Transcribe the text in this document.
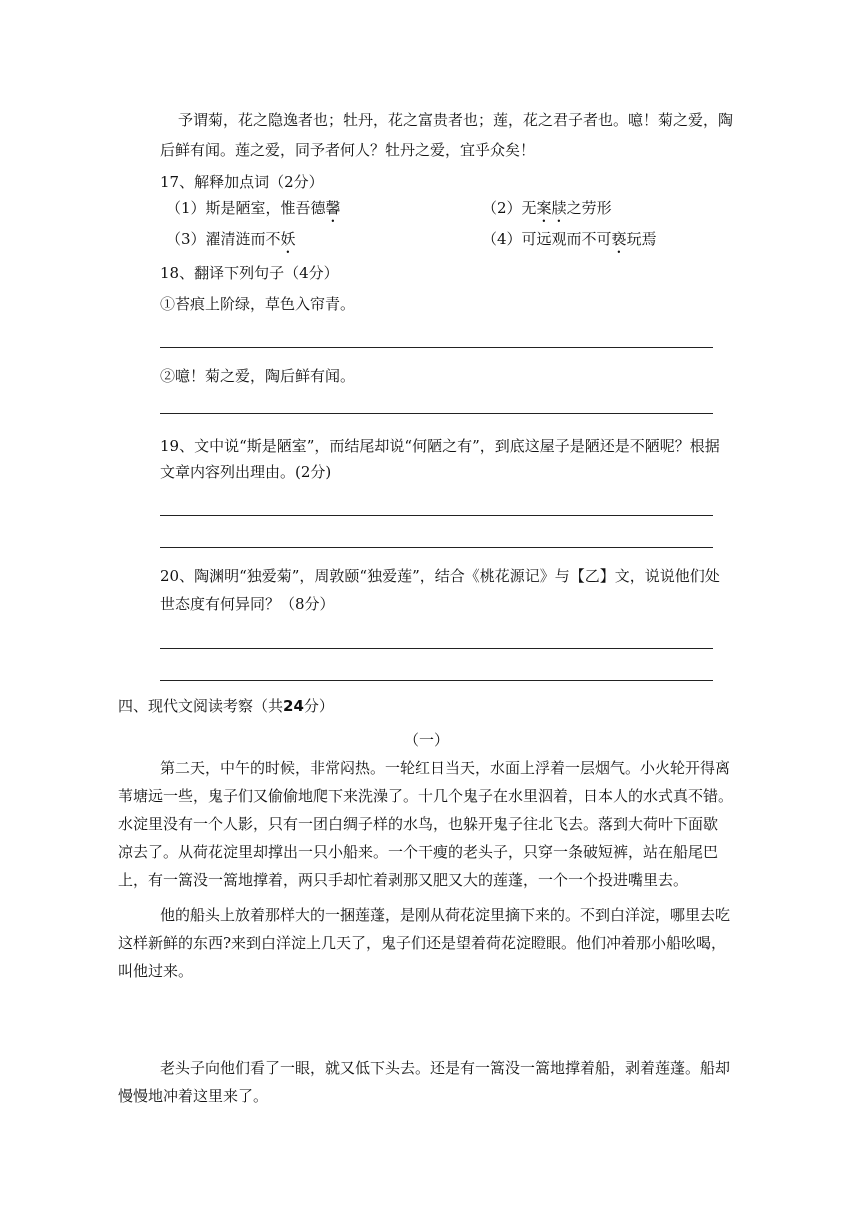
予谓菊，花之隐逸者也；牡丹，花之富贵者也；莲，花之君子者也。噫！菊之爱，陶
后鲜有闻。莲之爱，同予者何人？牡丹之爱，宜乎众矣！
17、解释加点词（2分）
（1）斯是陋室，惟吾德馨	（2）无案牍之劳形
（3）濯清涟而不妖	（4）可远观而不可亵玩焉
18、翻译下列句子（4分）
①苔痕上阶绿，草色入帘青。
②噫！菊之爱，陶后鲜有闻。
19、文中说“斯是陋室”，而结尾却说“何陋之有”，到底这屋子是陋还是不陋呢？根据
文章内容列出理由。(2分)
20、陶渊明“独爱菊”，周敦颐“独爱莲”，结合《桃花源记》与【乙】文，说说他们处
世态度有何异同？（8分）
四、现代文阅读考察（共24分）
（一）
第二天，中午的时候，非常闷热。一轮红日当天，水面上浮着一层烟气。小火轮开得离
苇塘远一些，鬼子们又偷偷地爬下来洗澡了。十几个鬼子在水里泅着，日本人的水式真不错。
水淀里没有一个人影，只有一团白绸子样的水鸟，也躲开鬼子往北飞去。落到大荷叶下面歇
凉去了。从荷花淀里却撑出一只小船来。一个干瘦的老头子，只穿一条破短裤，站在船尾巴
上，有一篙没一篙地撑着，两只手却忙着剥那又肥又大的莲蓬，一个一个投进嘴里去。
他的船头上放着那样大的一捆莲蓬，是刚从荷花淀里摘下来的。不到白洋淀，哪里去吃
这样新鲜的东西?来到白洋淀上几天了，鬼子们还是望着荷花淀瞪眼。他们冲着那小船吆喝，
叫他过来。
老头子向他们看了一眼，就又低下头去。还是有一篙没一篙地撑着船，剥着莲蓬。船却
慢慢地冲着这里来了。
